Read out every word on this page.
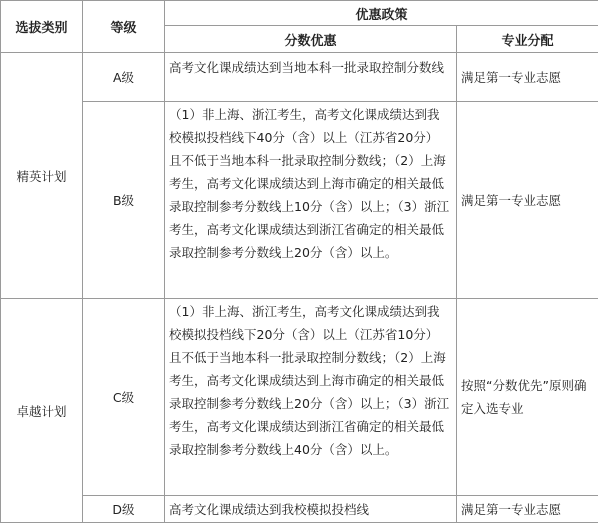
选拔类别	等级	优惠政策	
		分数优惠	专业分配
精英计划	A级	高考文化课成绩达到当地本科一批录取控制分数线	满足第一专业志愿
	B级	（1）非上海、浙江考生，高考文化课成绩达到我校模拟投档线下40分（含）以上（江苏省20分）且不低于当地本科一批录取控制分数线；（2）上海考生，高考文化课成绩达到上海市确定的相关最低录取控制参考分数线上10分（含）以上；（3）浙江考生，高考文化课成绩达到浙江省确定的相关最低录取控制参考分数线上20分（含）以上。	满足第一专业志愿
卓越计划	C级	（1）非上海、浙江考生，高考文化课成绩达到我校模拟投档线下20分（含）以上（江苏省10分）且不低于当地本科一批录取控制分数线；（2）上海考生，高考文化课成绩达到上海市确定的相关最低录取控制参考分数线上20分（含）以上；（3）浙江考生，高考文化课成绩达到浙江省确定的相关最低录取控制参考分数线上40分（含）以上。	按照“分数优先”原则确定入选专业
	D级	高考文化课成绩达到我校模拟投档线	满足第一专业志愿
